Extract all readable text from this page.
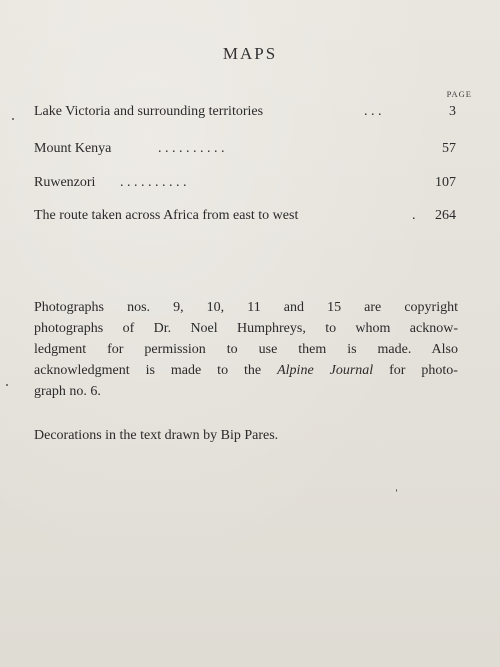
MAPS
PAGE
Lake Victoria and surrounding territories	. . .	3
Mount Kenya	. . . . . . . . . .	57
Ruwenzori . . . . . . . . . .	107
The route taken across Africa from east to west	. 264
Photographs nos. 9, 10, 11 and 15 are copyright
photographs of Dr. Noel Humphreys, to whom acknow-
ledgment for permission to use them is made. Also
acknowledgment is made to the Alpine Journal for photo-
graph no. 6.
Decorations in the text drawn by Bip Pares.
